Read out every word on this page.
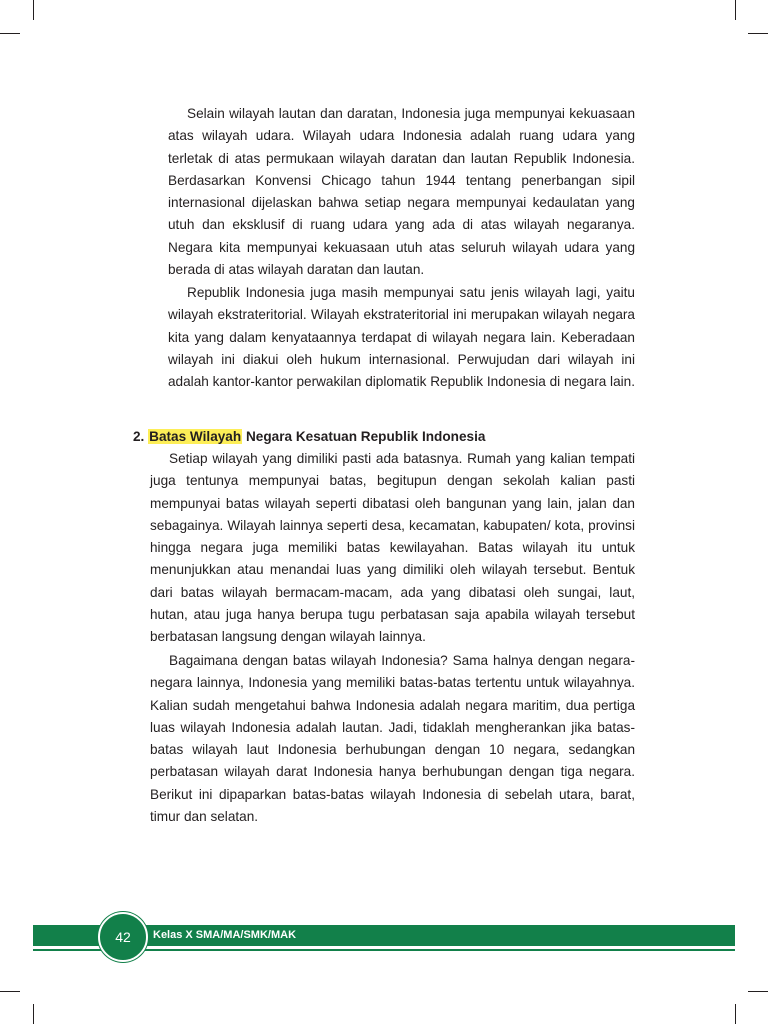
Selain wilayah lautan dan daratan, Indonesia juga mempunyai kekuasaan atas wilayah udara. Wilayah udara Indonesia adalah ruang udara yang terletak di atas permukaan wilayah daratan dan lautan Republik Indonesia. Berdasarkan Konvensi Chicago tahun 1944 tentang penerbangan sipil internasional dijelaskan bahwa setiap negara mempunyai kedaulatan yang utuh dan eksklusif di ruang udara yang ada di atas wilayah negaranya. Negara kita mempunyai kekuasaan utuh atas seluruh wilayah udara yang berada di atas wilayah daratan dan lautan.

Republik Indonesia juga masih mempunyai satu jenis wilayah lagi, yaitu wilayah ekstrateritorial. Wilayah ekstrateritorial ini merupakan wilayah negara kita yang dalam kenyataannya terdapat di wilayah negara lain. Keberadaan wilayah ini diakui oleh hukum internasional. Perwujudan dari wilayah ini adalah kantor-kantor perwakilan diplomatik Republik Indonesia di negara lain.

2. Batas Wilayah Negara Kesatuan Republik Indonesia

Setiap wilayah yang dimiliki pasti ada batasnya. Rumah yang kalian tempati juga tentunya mempunyai batas, begitupun dengan sekolah kalian pasti mempunyai batas wilayah seperti dibatasi oleh bangunan yang lain, jalan dan sebagainya. Wilayah lainnya seperti desa, kecamatan, kabupaten/ kota, provinsi hingga negara juga memiliki batas kewilayahan. Batas wilayah itu untuk menunjukkan atau menandai luas yang dimiliki oleh wilayah tersebut. Bentuk dari batas wilayah bermacam-macam, ada yang dibatasi oleh sungai, laut, hutan, atau juga hanya berupa tugu perbatasan saja apabila wilayah tersebut berbatasan langsung dengan wilayah lainnya.

Bagaimana dengan batas wilayah Indonesia? Sama halnya dengan negara-negara lainnya, Indonesia yang memiliki batas-batas tertentu untuk wilayahnya. Kalian sudah mengetahui bahwa Indonesia adalah negara maritim, dua pertiga luas wilayah Indonesia adalah lautan. Jadi, tidaklah mengherankan jika batas-batas wilayah laut Indonesia berhubungan dengan 10 negara, sedangkan perbatasan wilayah darat Indonesia hanya berhubungan dengan tiga negara. Berikut ini dipaparkan batas-batas wilayah Indonesia di sebelah utara, barat, timur dan selatan.

42	Kelas X SMA/MA/SMK/MAK
